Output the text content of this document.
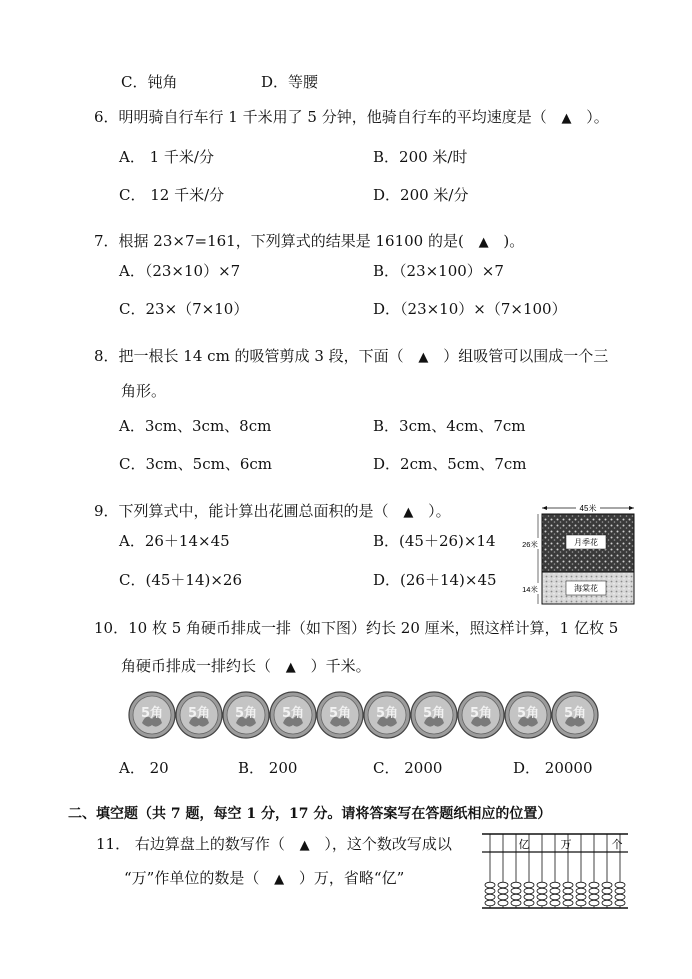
C．钝角	D．等腰
6．明明骑自行车行 1 千米用了 5 分钟，他骑自行车的平均速度是（ ▲ ）。
A． 1 千米/分	B．200 米/时
C． 12 千米/分	D．200 米/分
7．根据 23×7=161，下列算式的结果是 16100 的是( ▲ )。
A．（23×10）×7	B．（23×100）×7
C．23×（7×10）	D．（23×10）×（7×100）
8．把一根长 14 cm 的吸管剪成 3 段，下面（ ▲ ）组吸管可以围成一个三
角形。
A．3cm、3cm、8cm	B．3cm、4cm、7cm
C．3cm、5cm、6cm	D．2cm、5cm、7cm
9．下列算式中，能计算出花圃总面积的是（ ▲ ）。
A．26＋14×45	B．(45＋26)×14
C．(45＋14)×26	D．(26＋14)×45
45米
月季花
海棠花
26米
14米
10．10 枚 5 角硬币排成一排（如下图）约长 20 厘米，照这样计算，1 亿枚 5
角硬币排成一排约长（ ▲ ）千米。
5角 5角 5角 5角 5角 5角 5角 5角 5角 5角
A． 20	B． 200	C． 2000	D． 20000
二、填空题（共 7 题，每空 1 分，17 分。请将答案写在答题纸相应的位置）
11． 右边算盘上的数写作（ ▲ ），这个数改写成以
“万”作单位的数是（ ▲ ）万，省略“亿”
亿	万	个
